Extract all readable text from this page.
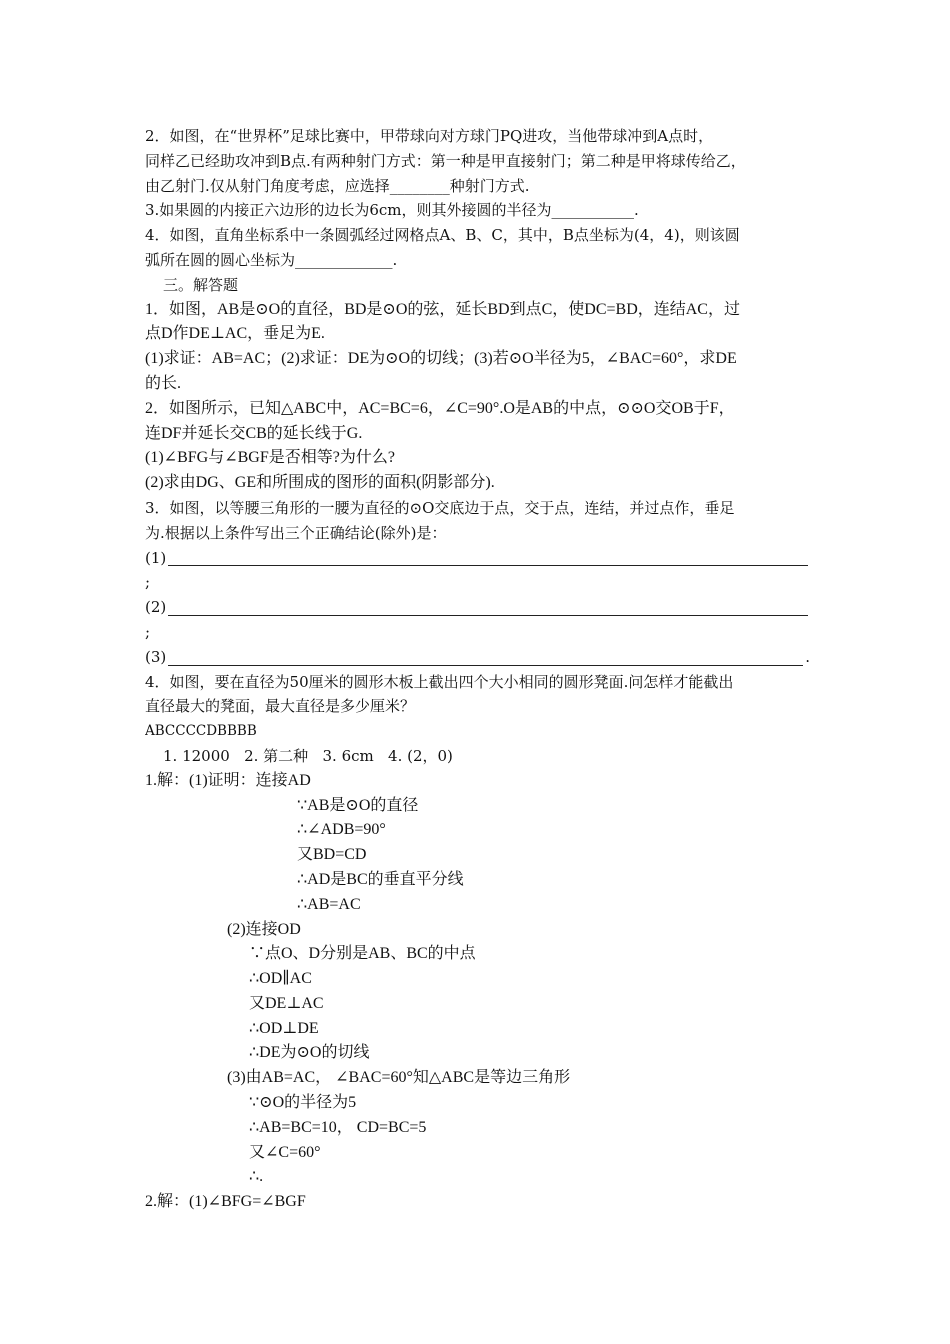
2．如图，在“世界杯”足球比赛中，甲带球向对方球门PQ进攻，当他带球冲到A点时，
同样乙已经助攻冲到B点.有两种射门方式：第一种是甲直接射门；第二种是甲将球传给乙，
由乙射门.仅从射门角度考虑，应选择________种射门方式.
3.如果圆的内接正六边形的边长为6cm，则其外接圆的半径为___________.
4．如图，直角坐标系中一条圆弧经过网格点A、B、C，其中，B点坐标为(4，4)，则该圆
弧所在圆的圆心坐标为_____________.
三。解答题
1．如图，AB是⊙O的直径，BD是⊙O的弦，延长BD到点C，使DC=BD，连结AC，过
点D作DE⊥AC，垂足为E.
(1)求证：AB=AC；(2)求证：DE为⊙O的切线；(3)若⊙O半径为5，∠BAC=60°，求DE
的长.
2．如图所示，已知△ABC中，AC=BC=6，∠C=90°.O是AB的中点，⊙⊙O交OB于F，
连DF并延长交CB的延长线于G.
(1)∠BFG与∠BGF是否相等?为什么?
(2)求由DG、GE和所围成的图形的面积(阴影部分).
3．如图，以等腰三角形的一腰为直径的⊙O交底边于点，交于点，连结，并过点作，垂足
为.根据以上条件写出三个正确结论(除外)是：
(1)
;
(2)
;
(3)	.
4．如图，要在直径为50厘米的圆形木板上截出四个大小相同的圆形凳面.问怎样才能截出
直径最大的凳面，最大直径是多少厘米？
ABCCCCDBBBB
1. 12000   2. 第二种   3. 6cm   4. (2，0)
1.解：(1)证明：连接AD
∵AB是⊙O的直径
∴∠ADB=90°
又BD=CD
∴AD是BC的垂直平分线
∴AB=AC
(2)连接OD
∵点O、D分别是AB、BC的中点
∴OD∥AC
又DE⊥AC
∴OD⊥DE
∴DE为⊙O的切线
(3)由AB=AC， ∠BAC=60°知△ABC是等边三角形
∵⊙O的半径为5
∴AB=BC=10， CD=BC=5
又∠C=60°
∴.
2.解：(1)∠BFG=∠BGF
